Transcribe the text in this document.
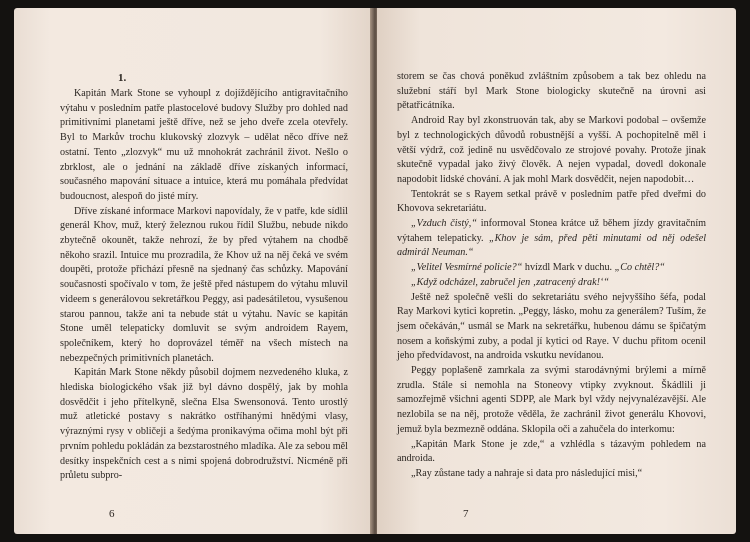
1.

Kapitán Mark Stone se vyhoupl z dojíždějícího antigravitačního výtahu v posledním patře plastocelové budovy Služby pro dohled nad primitivními planetami ještě dříve, než se jeho dveře zcela otevřely. Byl to Markův trochu klukovský zlozvyk – udělat něco dříve než ostatní. Tento „zlozvyk“ mu už mnohokrát zachránil život. Nešlo o zbrklost, ale o jednání na základě dříve získaných informací, současného mapování situace a intuice, která mu pomáhala předvídat budoucnost, alespoň do jisté míry.

Dříve získané informace Markovi napovídaly, že v patře, kde sídlil generál Khov, muž, který železnou rukou řídil Službu, nebude nikdo zbytečně okounět, takže nehrozí, že by před výtahem na chodbě někoho srazil. Intuice mu prozradila, že Khov už na něj čeká ve svém doupěti, protože přichází přesně na sjednaný čas schůzky. Mapování současnosti spočívalo v tom, že ještě před nástupem do výtahu mluvil videem s generálovou sekretářkou Peggy, asi padesátiletou, vysušenou starou pannou, takže ani ta nebude stát u výtahu. Navíc se kapitán Stone uměl telepaticky domluvit se svým androidem Rayem, společníkem, který ho doprovázel téměř na všech místech na nebezpečných primitivních planetách.

Kapitán Mark Stone někdy působil dojmem nezvedeného kluka, z hlediska biologického však již byl dávno dospělý, jak by mohla dosvědčit i jeho přítelkyně, slečna Elsa Swensonová. Tento urostlý muž atletické postavy s nakrátko ostříhanými hnědými vlasy, výraznými rysy v obličeji a šedýma pronikavýma očima mohl být při prvním pohledu pokládán za bezstarostného mladíka. Ale za sebou měl desítky inspekčních cest a s nimi spojená dobrodružství. Nicméně při průletu subpro-

6

storem se čas chová poněkud zvláštním způsobem a tak bez ohledu na služební stáří byl Mark Stone biologicky skutečně na úrovni asi pětatřicátníka.

Android Ray byl zkonstruován tak, aby se Markovi podobal – ovšemže byl z technologických důvodů robustnější a vyšší. A pochopitelně měl i větší výdrž, což jedině nu usvědčovalo ze strojové povahy. Protože jinak skutečně vypadal jako živý člověk. A nejen vypadal, dovedl dokonale napodobit lidské chování. A jak mohl Mark dosvědčit, nejen napodobit…

Tentokrát se s Rayem setkal právě v posledním patře před dveřmi do Khovova sekretariátu.

„Vzduch čistý,“ informoval Stonea krátce už během jízdy gravitačním výtahem telepaticky. „Khov je sám, před pěti minutami od něj odešel admirál Neuman.“

„Velitel Vesmírné policie?“ hvízdl Mark v duchu. „Co chtěl?“

„Když odcházel, zabručel jen ‚zatracený drak!‘“

Ještě než společně vešli do sekretariátu svého nejvyššího šéfa, podal Ray Markovi kytici kopretin. „Peggy, lásko, mohu za generálem? Tuším, že jsem očekáván,“ usmál se Mark na sekretářku, hubenou dámu se špičatým nosem a koňskými zuby, a podal jí kytici od Raye. V duchu přitom ocenil jeho předvídavost, na androida vskutku nevídanou.

Peggy poplašeně zamrkala za svými starodávnými brýlemi a mírně zrudla. Stále si nemohla na Stoneovy vtipky zvyknout. Škádlili ji samozřejmě všichni agenti SDPP, ale Mark byl vždy nejvynalézavější. Ale nezlobila se na něj, protože věděla, že zachránil život generálu Khovovi, jemuž byla bezmezně oddána. Sklopila oči a zahučela do interkomu:

„Kapitán Mark Stone je zde,“ a vzhlédla s tázavým pohledem na androida.

„Ray zůstane tady a nahraje si data pro následující misi,“

7
